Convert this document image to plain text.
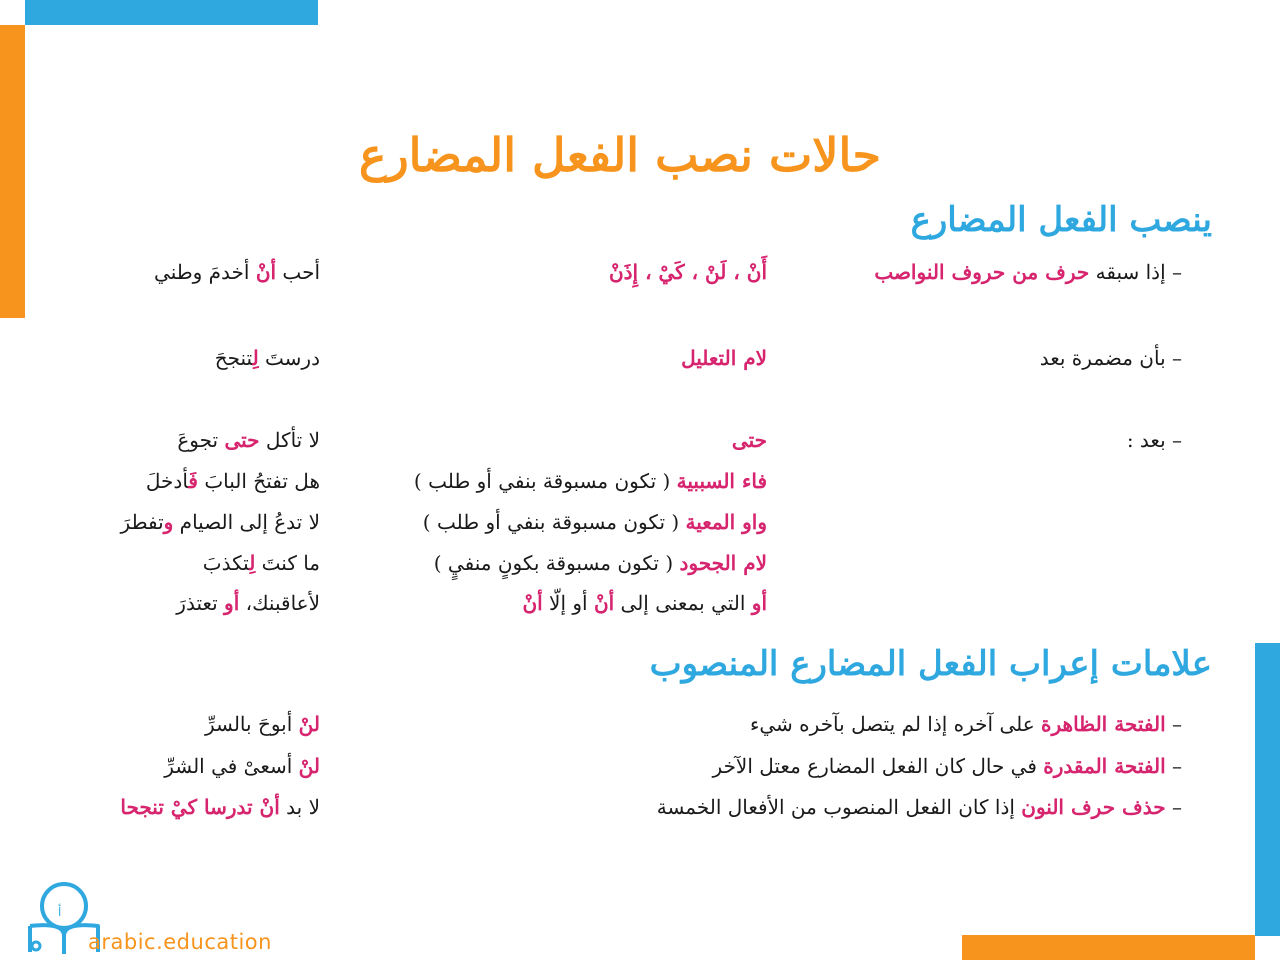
حالات نصب الفعل المضارع
ينصب الفعل المضارع
– إذا سبقه حرف من حروف النواصب
أَنْ ، لَنْ ، كَيْ ، إِذَنْ
أحب أنْ أخدمَ وطني
– بأن مضمرة بعد
لام التعليل
درستَ لِتنجحَ
– بعد :
حتى
لا تأكل حتى تجوعَ
فاء السببية ( تكون مسبوقة بنفي أو طلب )
هل تفتحُ البابَ فَأدخلَ
واو المعية ( تكون مسبوقة بنفي أو طلب )
لا تدعُ إلى الصيام وتفطرَ
لام الجحود ( تكون مسبوقة بكونٍ منفيٍ )
ما كنتَ لِتكذبَ
أو التي بمعنى إلى أنْ أو إلّا أنْ
لأعاقبنك، أو تعتذرَ
علامات إعراب الفعل المضارع المنصوب
– الفتحة الظاهرة على آخره إذا لم يتصل بآخره شيء
لنْ أبوحَ بالسرِّ
– الفتحة المقدرة في حال كان الفعل المضارع معتل الآخر
لنْ أسعىْ في الشرِّ
– حذف حرف النون إذا كان الفعل المنصوب من الأفعال الخمسة
لا بد أنْ تدرسا كيْ تنجحا
أ
arabic.education
